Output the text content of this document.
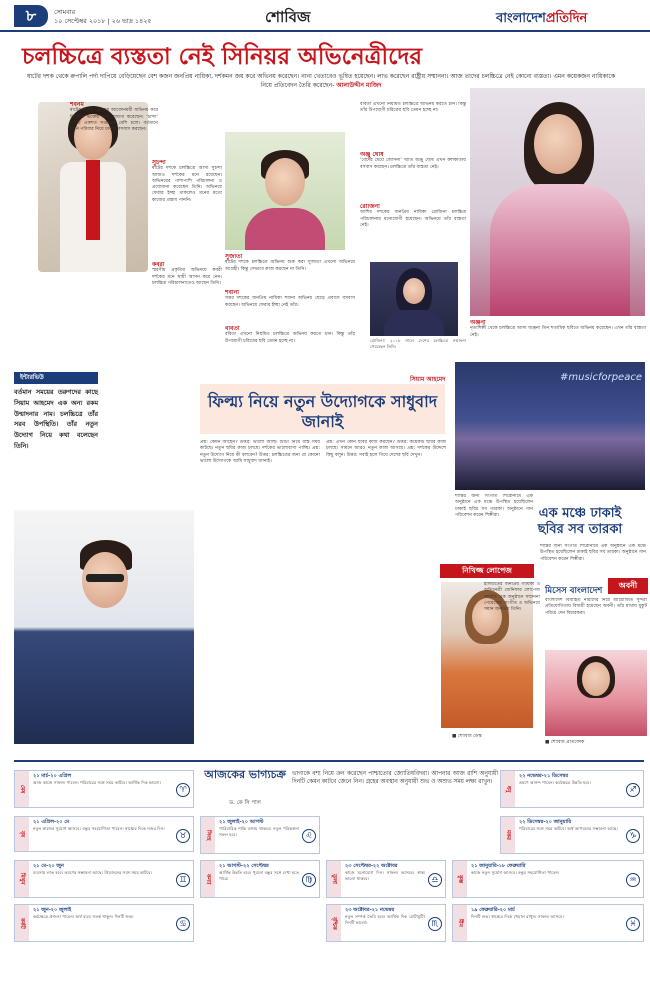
৮	সোমবার
১০ সেপ্টেম্বর ২০১৮ | ২৬ ভাদ্র ১৪২৫	শোবিজ	বাংলাদেশপ্রতিদিন
চলচ্চিত্রে ব্যস্ততা নেই সিনিয়র অভিনেত্রীদের
ষাটের দশক থেকে রুপালি পর্দা দাপিয়ে বেড়িয়েছেন বেশ কজন জনপ্রিয় নায়িকা, দর্শকমন জয় করে অভিনয় করেছেন। নানা খেতাবেও ভূষিত হয়েছেন। লাভ করেছেন রাষ্ট্রীয় সম্মাননা। আজ তাদের চলচ্চিত্রে নেই কোনো ব্যস্ততা। এমন কয়েকজন নায়িকাকে নিয়ে প্রতিবেদন তৈরি করেছেন- আলাউদ্দীন মাজিদ
শবনম
ষাটের দশকে চেহারার আবেদনময়ী অভিনয় করে নিয়মিত ভক্তের মনে জায়গা করেছেন। ‘চান্দা’ ছবিটি একশত সপ্তাহের বেশি চলে। বর্তমানে তিনি পরিবার নিয়ে ঢাকায় বসবাস করছেন।
সুচন্দা
ষাটের দশকে চলচ্চিত্রে আসা সুচন্দা আজও দর্শকের মনে রয়েছেন। অভিনয়ের পাশাপাশি পরিচালনা ও প্রযোজনা করেছেন তিনি। অভিনয়ে ফেরার ইচ্ছা থাকলেও মনের মতো কাজের প্রস্তাব পাননি।
কবরী
স্মরণীয় প্রকৃতির অভিনয়ে কবরী দর্শকের মনে স্থায়ী আসন করে নেন। চলচ্চিত্র পরিচালনাতেও আছেন তিনি।
সুজাতা
ষাটের দশকে চলচ্চিত্রে অভিনয় শুরু করা সুজাতা এখনো অভিনয়ে আগ্রহী। কিন্তু সেভাবে কাজ করছেন না তিনি।
শবানা
সত্তর দশকের জনপ্রিয় নায়িকা শবানা অভিনয় ছেড়ে প্রবাসে বসবাস করছেন। অভিনয়ে ফেরার ইচ্ছা নেই তাঁর।
ববিতা
ববিতা এখনো নিয়মিত চলচ্চিত্রে অভিনয় করতে চান। কিন্তু তাঁর উপযোগী চরিত্রের ছবি তেমন হচ্ছে না।
ববিতা এখনো নিয়মিত চলচ্চিত্রে অভিনয় করতে চান। কিন্তু তাঁর উপযোগী চরিত্রের ছবি তেমন হচ্ছে না।
অঞ্জু ঘোষ
‘বেদের মেয়ে জোসনা’ খ্যাত অঞ্জু ঘোষ এখন কলকাতায় বসবাস করছেন। চলচ্চিত্রে তাঁর ব্যস্ততা নেই।
রোজিনা
আশির দশকের জনপ্রিয় নায়িকা রোজিনা চলচ্চিত্র পরিচালনায় মনোযোগী হয়েছেন। অভিনয়ে তাঁর ব্যস্ততা নেই।
রোজিনা: ২০১৮ সালে দেশের চলচ্চিত্রে সম্মাননা পেয়েছেন তিনি।
অঞ্জনা
নৃত্যশিল্পী থেকে চলচ্চিত্রে আসা অঞ্জনা তিন শতাধিক ছবিতে অভিনয় করেছেন। এখন তাঁর ব্যস্ততা নেই।
ইন্টারভিউ
বর্তমান সময়ের তরুণদের কাছে সিয়াম আহমেদ এক অন্য রকম উন্মাদনার নাম। চলচ্চিত্রে তাঁর সরব উপস্থিতি। তাঁর নতুন উদ্যোগ নিয়ে কথা বলেছেন তিনি।
সিয়াম আহমেদ
ফিল্ম্য নিয়ে নতুন উদ্যোগকে সাধুবাদ জানাই
প্রশ্ন: কেমন আছেন? উত্তর: ভালো আছি। শুটিং নিয়ে ব্যস্ত সময় কাটছে। নতুন ছবির কাজ চলছে। দর্শকের ভালোবাসা পাচ্ছি। প্রশ্ন: নতুন উদ্যোগ নিয়ে কী বলবেন? উত্তর: চলচ্চিত্রের জন্য যে কোনো ভালো উদ্যোগকে আমি সাধুবাদ জানাই।
প্রশ্ন: এখন কোন ছবির কাজ করছেন? উত্তর: কয়েকটি ছবির কাজ চলছে। সামনে আরও নতুন কাজ আসছে। প্রশ্ন: দর্শকের উদ্দেশে কিছু বলুন। উত্তর: সবাই হলে গিয়ে দেশের ছবি দেখুন।
#musicforpeace
শান্তির জন্য সংগীত শিরোনামে এক অনুষ্ঠানে এক মঞ্চে উপস্থিত হয়েছিলেন ঢাকাই ছবির সব তারকা। অনুষ্ঠানে গান পরিবেশন করেন শিল্পীরা।	এক মঞ্চে ঢাকাই ছবির সব তারকা
শান্তির জন্য সংগীত শিরোনামে এক অনুষ্ঠানে এক মঞ্চে উপস্থিত হয়েছিলেন ঢাকাই ছবির সব তারকা। অনুষ্ঠানে গান পরিবেশন করেন শিল্পীরা।
নিখিজ্জ লোপেজ
■ শোবিজ ডেস্ক
হলিউডের জনপ্রিয় গায়িকা ও অভিনেত্রী জেনিফার লোপেজ সম্প্রতি এক অনুষ্ঠানে সম্মাননা পেয়েছেন। সংগীত ও অভিনয়ে সমান জনপ্রিয় তিনি।
মিসেস বাংলাদেশ
অবনী
বাংলাদেশ বিবাহিত নারীদের নিয়ে আয়োজিত সুন্দরী প্রতিযোগিতায় বিজয়ী হয়েছেন অবনী। তাঁর মাথায় মুকুট পরিয়ে দেন বিচারকরা।
■ শোবিজ প্রতিবেদক
আজকের ভাগ্যচক্র
ড. কে সি পাল
ভাগ্যকে বশ্য নিয়ে ক্রন করেছেন পাশ্চাত্যের জ্যোতিষবিদরা। আপনার আজ রাশি অনুযায়ী দিনটি কেমন কাটবে জেনে নিন। গ্রহের অবস্থান অনুযায়ী শুভ ও অশুভ সময় লক্ষ্য রাখুন।
মেষ
২১ মার্চ-২০ এপ্রিল
আজ কাজে সাফল্য পাবেন। পরিবারের সঙ্গে সময় কাটবে। আর্থিক দিক ভালো।
♈
বৃষ
২১ এপ্রিল-২০ মে
নতুন কাজের সুযোগ আসবে। বন্ধুর সহযোগিতা পাবেন। স্বাস্থ্যের দিকে নজর দিন।
♉
মিথুন
২১ মে-২০ জুন
ব্যবসায় লাভ হবে। ভ্রমণের সম্ভাবনা আছে। প্রিয়জনের সঙ্গে সময় কাটবে।
♊
কর্কট
২১ জুন-২০ জুলাই
কর্মক্ষেত্রে প্রশংসা পাবেন। অর্থ ব্যয়ে সতর্ক থাকুন। দিনটি শুভ।
♋
সিংহ
২১ জুলাই-২০ আগস্ট
পারিবারিক শান্তি বজায় থাকবে। নতুন পরিকল্পনা সফল হবে।	♌
কন্যা
২১ আগস্ট-২২ সেপ্টেম্বর
আর্থিক উন্নতি হবে। পুরনো বন্ধুর সঙ্গে দেখা হতে পারে।	♍	তুলা
২৩ সেপ্টেম্বর-২২ অক্টোবর
কাজে মনোযোগ দিন। সাফল্য আসবে। স্বাস্থ্য ভালো থাকবে।	♎
বৃশ্চিক
২৩ অক্টোবর-২১ নভেম্বর
নতুন সম্পর্ক তৈরি হবে। আর্থিক দিক মোটামুটি। দিনটি ভালো।	♏
ধনু
২২ নভেম্বর-২১ ডিসেম্বর
ভ্রমণে আনন্দ পাবেন। কর্মক্ষেত্রে উন্নতি হবে।
♐
মকর
২২ ডিসেম্বর-২০ জানুয়ারি
পরিবারের সঙ্গে সময় কাটবে। অর্থ আগমনের সম্ভাবনা আছে।
♑
কুম্ভ
২১ জানুয়ারি-১৮ ফেব্রুয়ারি
কাজে নতুন সুযোগ আসবে। বন্ধুর সহযোগিতা পাবেন।
♒
মীন
১৯ ফেব্রুয়ারি-২০ মার্চ
দিনটি শুভ। স্বাস্থ্যের দিকে খেয়াল রাখুন। সাফল্য আসবে।
♓
